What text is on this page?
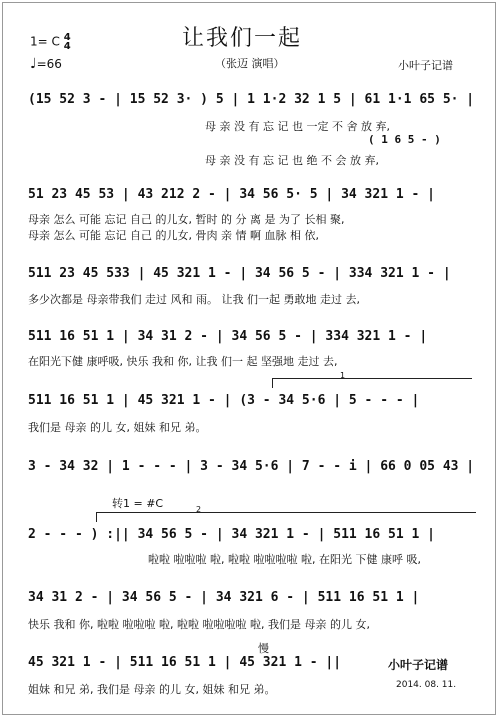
1= C 4
4
♩=66
让我们一起
（张迈 演唱）	小叶子记谱
(15 52 3 - | 15 52 3· ) 5 | 1 1·2 32 1 5 | 61 1·1 65 5· |
母 亲 没 有 忘 记 也 一定 不 舍 放 弃,
( 1 6 5 - )
母 亲 没 有 忘 记 也 绝 不 会 放 弃,
51 23 45 53 | 43 212 2 - | 34 56 5· 5 | 34 321 1 - |
母亲 怎么 可能 忘记 自己 的儿女, 暂时 的 分 离 是 为了 长相 聚,
母亲 怎么 可能 忘记 自己 的儿女, 骨肉 亲 情 啊 血脉 相 依,
511 23 45 533 | 45 321 1 - | 34 56 5 - | 334 321 1 - |
多少次都是 母亲带我们 走过 风和 雨。 让我 们一起 勇敢地 走过 去,
511 16 51 1 | 34 31 2 - | 34 56 5 - | 334 321 1 - |
在阳光下健 康呼吸, 快乐 我和 你, 让我 们一 起 坚强地 走过 去,
1
511 16 51 1 | 45 321 1 - | (3 - 34 5·6 | 5 - - - |
我们是 母亲 的儿 女, 姐妹 和兄 弟。
3 - 34 32 | 1 - - - | 3 - 34 5·6 | 7 - - i | 66 0 05 43 |
转1 = #C	2
2 - - - ) :|| 34 56 5 - | 34 321 1 - | 511 16 51 1 |
啦啦 啦啦啦 啦, 啦啦 啦啦啦啦 啦, 在阳光 下健 康呼 吸,
34 31 2 - | 34 56 5 - | 34 321 6 - | 511 16 51 1 |
快乐 我和 你, 啦啦 啦啦啦 啦, 啦啦 啦啦啦啦 啦, 我们是 母亲 的儿 女,
慢
45 321 1 - | 511 16 51 1 | 45 321 1 - ||
姐妹 和兄 弟, 我们是 母亲 的儿 女, 姐妹 和兄 弟。
小叶子记谱
2014. 08. 11.
